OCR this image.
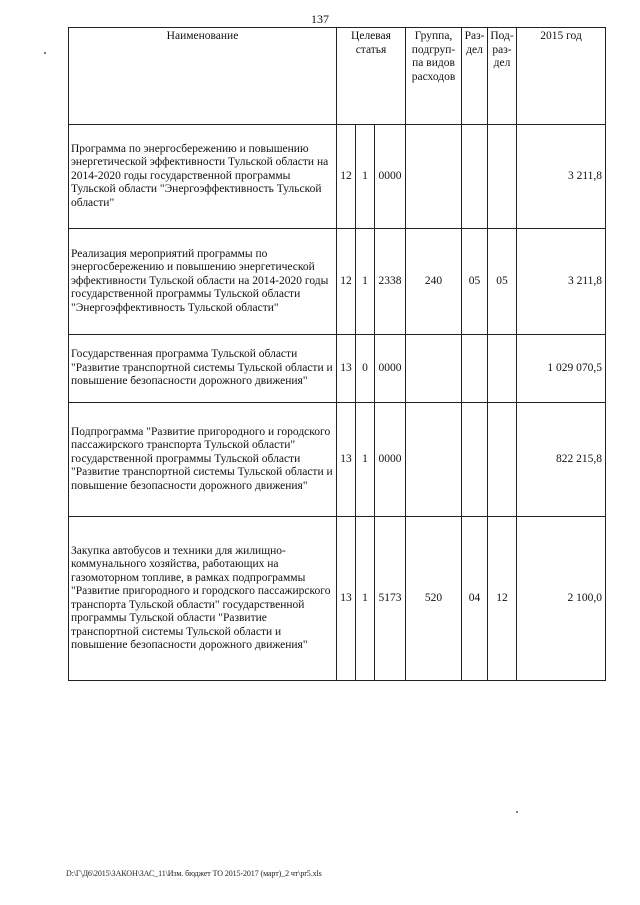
137
Наименование	Целевая статья			Группа, подгруп-па видов расходов	Раз-дел	Под-раз-дел	2015 год
Программа по энергосбережению и повышению энергетической эффективности Тульской области на 2014-2020 годы государственной программы Тульской области "Энергоэффективность Тульской области"	12	1	0000				3 211,8
Реализация мероприятий программы по энергосбережению и повышению энергетической эффективности Тульской области на 2014-2020 годы государственной программы Тульской области "Энергоэффективность Тульской области"	12	1	2338	240	05	05	3 211,8
Государственная программа Тульской области "Развитие транспортной системы Тульской области и повышение безопасности дорожного движения"	13	0	0000				1 029 070,5
Подпрограмма "Развитие пригородного и городского пассажирского транспорта Тульской области" государственной программы Тульской области "Развитие транспортной системы Тульской области и повышение безопасности дорожного движения"	13	1	0000				822 215,8
Закупка автобусов и техники для жилищно-коммунального хозяйства, работающих на газомоторном топливе, в рамках подпрограммы "Развитие пригородного и городского пассажирского транспорта Тульской области" государственной программы Тульской области "Развитие транспортной системы Тульской области и повышение безопасности дорожного движения"	13	1	5173	520	04	12	2 100,0
D:\Г\Д6\2015\ЗАКОН\ЗАС_11\Изм. бюджет ТО 2015-2017 (март)_2 чт\pr5.xls
